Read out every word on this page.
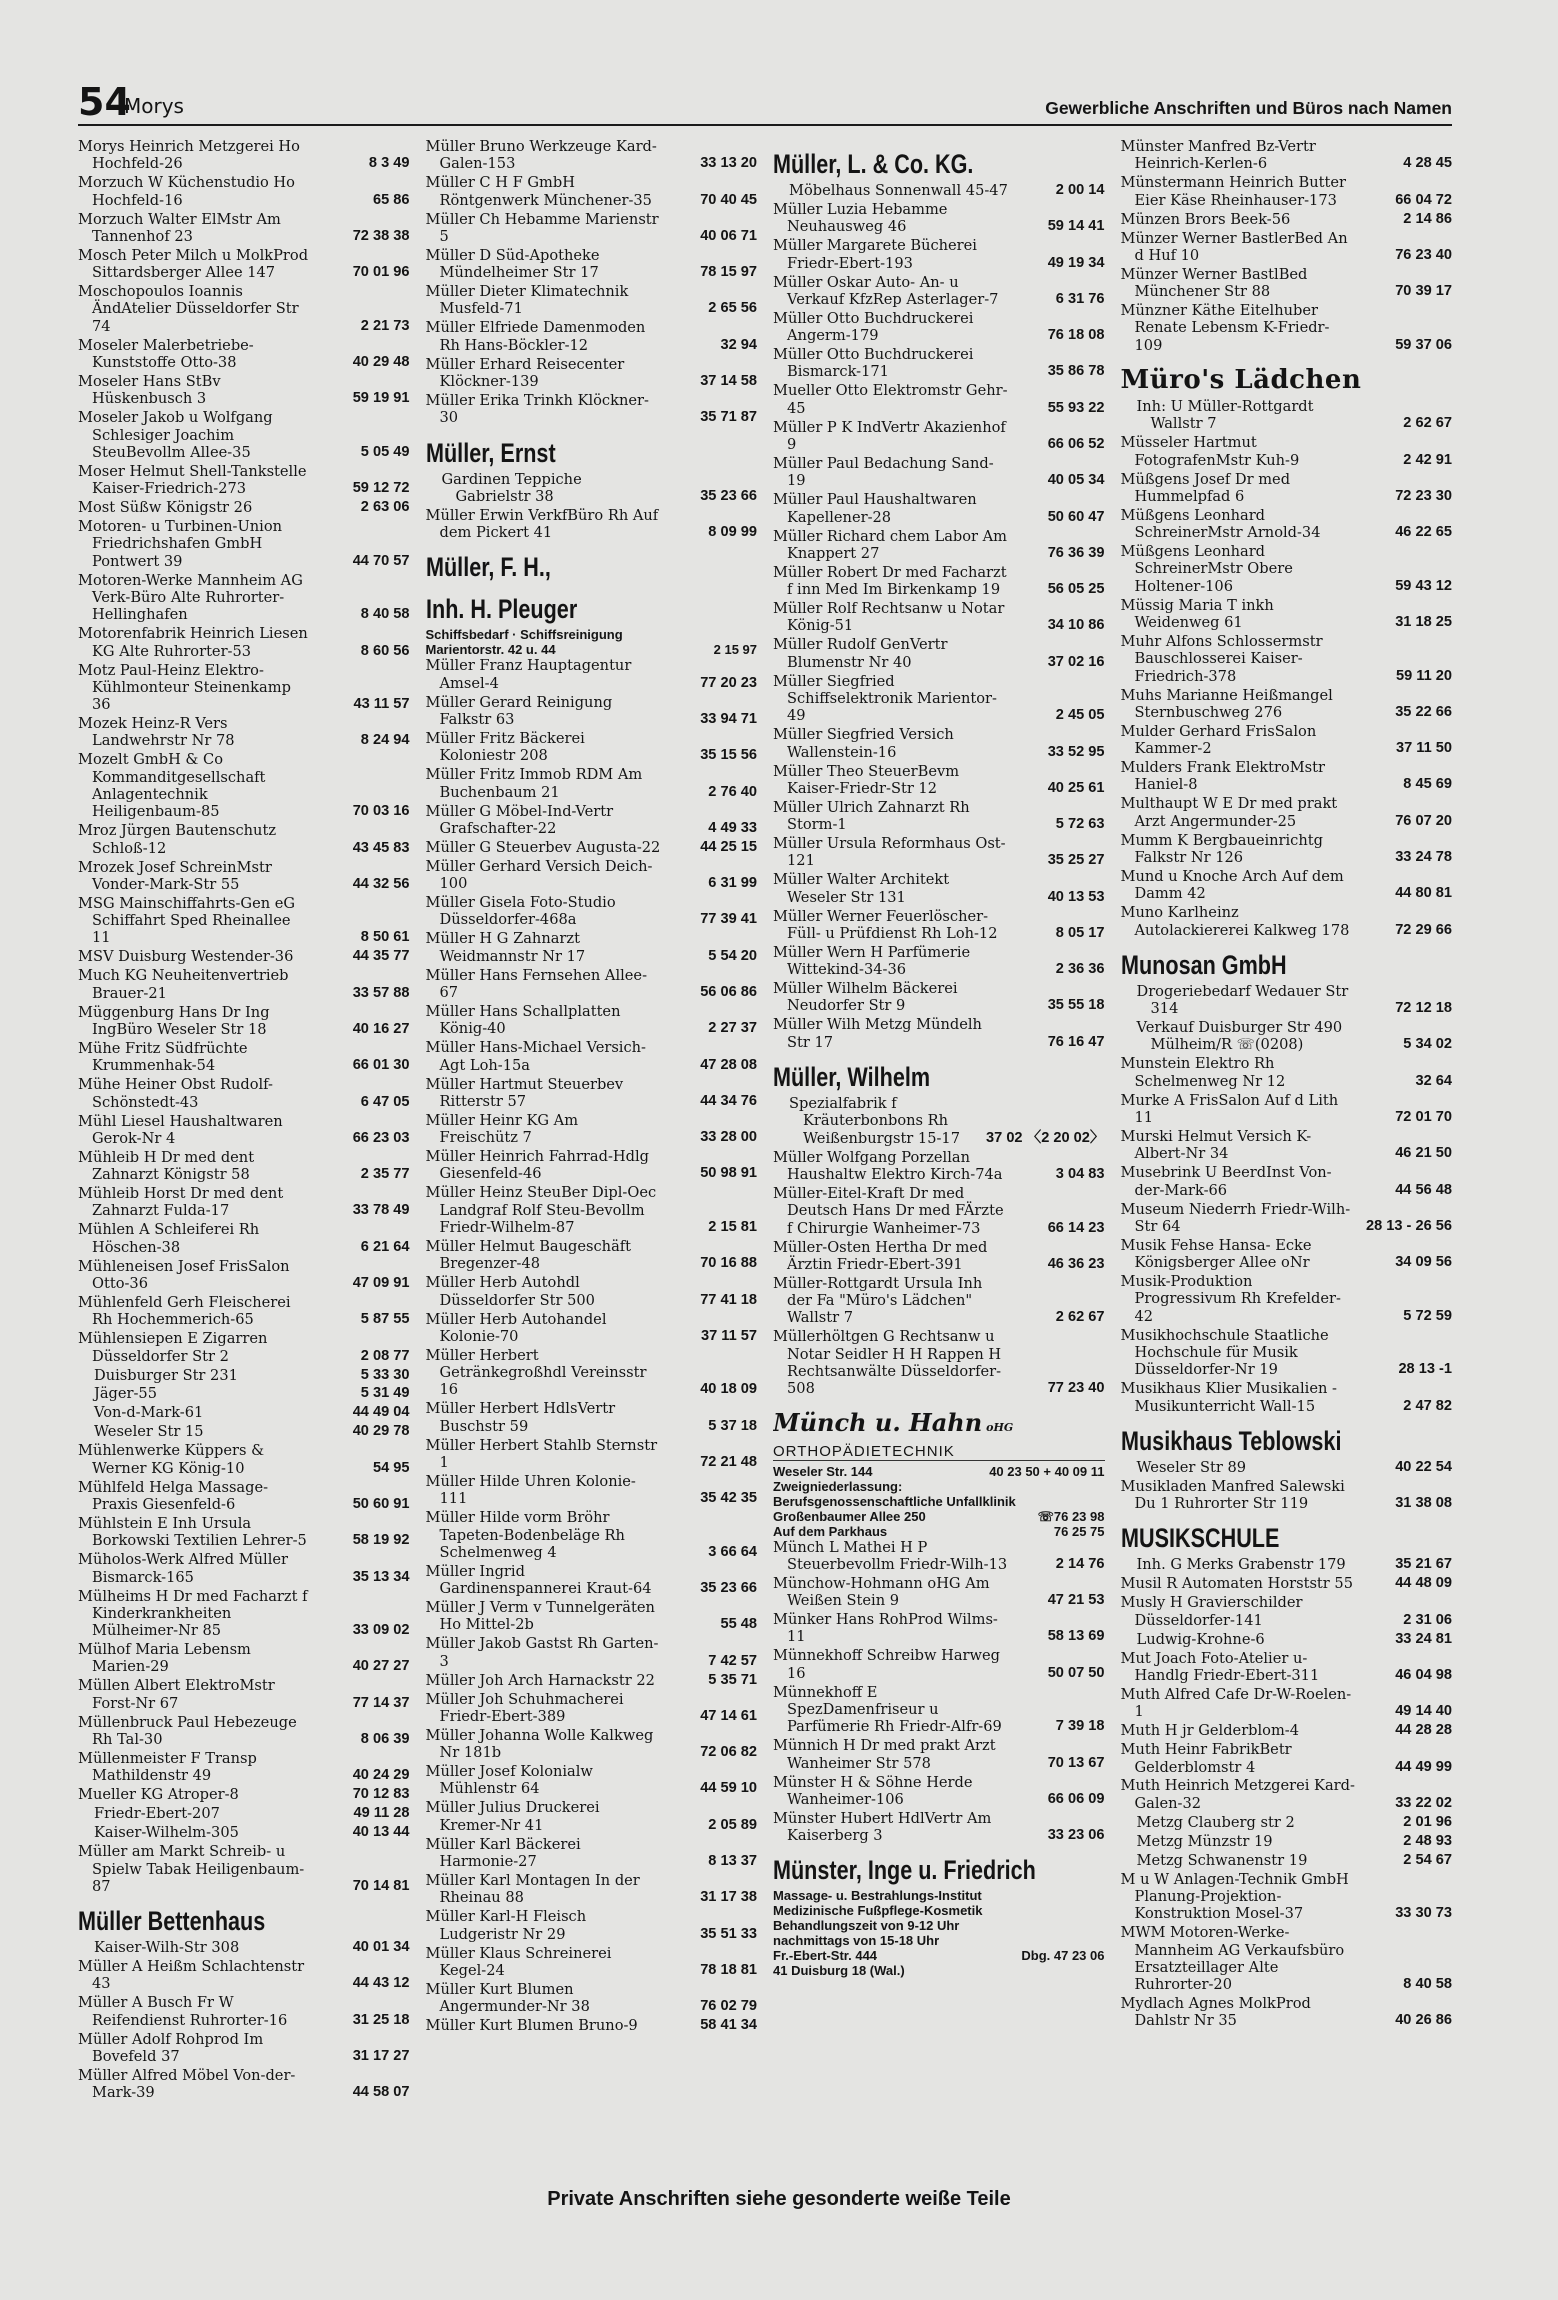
54
Morys	Gewerbliche Anschriften und Büros nach Namen
Morys Heinrich Metzgerei Ho Hochfeld-26	8 3 49
Morzuch W Küchenstudio Ho Hochfeld-16	65 86
Morzuch Walter ElMstr Am Tannenhof 23	72 38 38
Mosch Peter Milch u MolkProd Sittardsberger Allee 147	70 01 96
Moschopoulos Ioannis ÄndAtelier Düsseldorfer Str 74	2 21 73
Moseler Malerbetriebe-Kunststoffe Otto-38	40 29 48
Moseler Hans StBv Hüskenbusch 3	59 19 91
Moseler Jakob u Wolfgang Schlesiger Joachim SteuBevollm Allee-35	5 05 49
Moser Helmut Shell-Tankstelle Kaiser-Friedrich-273	59 12 72
Most Süßw Königstr 26	2 63 06
Motoren- u Turbinen-Union Friedrichshafen GmbH Pontwert 39	44 70 57
Motoren-Werke Mannheim AG Verk-Büro Alte Ruhrorter-Hellinghafen	8 40 58
Motorenfabrik Heinrich Liesen KG Alte Ruhrorter-53	8 60 56
Motz Paul-Heinz Elektro-Kühlmonteur Steinenkamp 36	43 11 57
Mozek Heinz-R Vers Landwehrstr Nr 78	8 24 94
Mozelt GmbH & Co Kommanditgesellschaft Anlagentechnik Heiligenbaum-85	70 03 16
Mroz Jürgen Bautenschutz Schloß-12	43 45 83
Mrozek Josef SchreinMstr Vonder-Mark-Str 55	44 32 56
MSG Mainschiffahrts-Gen eG Schiffahrt Sped Rheinallee 11	8 50 61
MSV Duisburg Westender-36	44 35 77
Much KG Neuheitenvertrieb Brauer-21	33 57 88
Müggenburg Hans Dr Ing IngBüro Weseler Str 18	40 16 27
Mühe Fritz Südfrüchte Krummenhak-54	66 01 30
Mühe Heiner Obst Rudolf-Schönstedt-43	6 47 05
Mühl Liesel Haushaltwaren Gerok-Nr 4	66 23 03
Mühleib H Dr med dent Zahnarzt Königstr 58	2 35 77
Mühleib Horst Dr med dent Zahnarzt Fulda-17	33 78 49
Mühlen A Schleiferei Rh Höschen-38	6 21 64
Mühleneisen Josef FrisSalon Otto-36	47 09 91
Mühlenfeld Gerh Fleischerei Rh Hochemmerich-65	5 87 55
Mühlensiepen E Zigarren Düsseldorfer Str 2	2 08 77
Duisburger Str 231	5 33 30
Jäger-55	5 31 49
Von-d-Mark-61	44 49 04
Weseler Str 15	40 29 78
Mühlenwerke Küppers & Werner KG König-10	54 95
Mühlfeld Helga Massage-Praxis Giesenfeld-6	50 60 91
Mühlstein E Inh Ursula Borkowski Textilien Lehrer-5	58 19 92
Müholos-Werk Alfred Müller Bismarck-165	35 13 34
Mülheims H Dr med Facharzt f Kinderkrankheiten Mülheimer-Nr 85	33 09 02
Mülhof Maria Lebensm Marien-29	40 27 27
Müllen Albert ElektroMstr Forst-Nr 67	77 14 37
Müllenbruck Paul Hebezeuge Rh Tal-30	8 06 39
Müllenmeister F Transp Mathildenstr 49	40 24 29
Mueller KG Atroper-8	70 12 83
Friedr-Ebert-207	49 11 28
Kaiser-Wilhelm-305	40 13 44
Müller am Markt Schreib- u Spielw Tabak Heiligenbaum-87	70 14 81
Müller Bettenhaus
Kaiser-Wilh-Str 308	40 01 34
Müller A Heißm Schlachtenstr 43	44 43 12
Müller A Busch Fr W Reifendienst Ruhrorter-16	31 25 18
Müller Adolf Rohprod Im Bovefeld 37	31 17 27
Müller Alfred Möbel Von-der-Mark-39	44 58 07
Müller Bruno Werkzeuge Kard-Galen-153	33 13 20
Müller C H F GmbH Röntgenwerk Münchener-35	70 40 45
Müller Ch Hebamme Marienstr 5	40 06 71
Müller D Süd-Apotheke Mündelheimer Str 17	78 15 97
Müller Dieter Klimatechnik Musfeld-71	2 65 56
Müller Elfriede Damenmoden Rh Hans-Böckler-12	32 94
Müller Erhard Reisecenter Klöckner-139	37 14 58
Müller Erika Trinkh Klöckner-30	35 71 87
Müller, Ernst
Gardinen Teppiche Gabrielstr 38	35 23 66
Müller Erwin VerkfBüro Rh Auf dem Pickert 41	8 09 99
Müller, F. H.,
Inh. H. Pleuger
Schiffsbedarf · Schiffsreinigung
Marientorstr. 42 u. 44	2 15 97
Müller Franz Hauptagentur Amsel-4	77 20 23
Müller Gerard Reinigung Falkstr 63	33 94 71
Müller Fritz Bäckerei Koloniestr 208	35 15 56
Müller Fritz Immob RDM Am Buchenbaum 21	2 76 40
Müller G Möbel-Ind-Vertr Grafschafter-22	4 49 33
Müller G Steuerbev Augusta-22	44 25 15
Müller Gerhard Versich Deich-100	6 31 99
Müller Gisela Foto-Studio Düsseldorfer-468a	77 39 41
Müller H G Zahnarzt Weidmannstr Nr 17	5 54 20
Müller Hans Fernsehen Allee-67	56 06 86
Müller Hans Schallplatten König-40	2 27 37
Müller Hans-Michael Versich-Agt Loh-15a	47 28 08
Müller Hartmut Steuerbev Ritterstr 57	44 34 76
Müller Heinr KG Am Freischütz 7	33 28 00
Müller Heinrich Fahrrad-Hdlg Giesenfeld-46	50 98 91
Müller Heinz SteuBer Dipl-Oec Landgraf Rolf Steu-Bevollm Friedr-Wilhelm-87	2 15 81
Müller Helmut Baugeschäft Bregenzer-48	70 16 88
Müller Herb Autohdl Düsseldorfer Str 500	77 41 18
Müller Herb Autohandel Kolonie-70	37 11 57
Müller Herbert Getränkegroßhdl Vereinsstr 16	40 18 09
Müller Herbert HdlsVertr Buschstr 59	5 37 18
Müller Herbert Stahlb Sternstr 1	72 21 48
Müller Hilde Uhren Kolonie-111	35 42 35
Müller Hilde vorm Bröhr Tapeten-Bodenbeläge Rh Schelmenweg 4	3 66 64
Müller Ingrid Gardinenspannerei Kraut-64	35 23 66
Müller J Verm v Tunnelgeräten Ho Mittel-2b	55 48
Müller Jakob Gastst Rh Garten-3	7 42 57
Müller Joh Arch Harnackstr 22	5 35 71
Müller Joh Schuhmacherei Friedr-Ebert-389	47 14 61
Müller Johanna Wolle Kalkweg Nr 181b	72 06 82
Müller Josef Kolonialw Mühlenstr 64	44 59 10
Müller Julius Druckerei Kremer-Nr 41	2 05 89
Müller Karl Bäckerei Harmonie-27	8 13 37
Müller Karl Montagen In der Rheinau 88	31 17 38
Müller Karl-H Fleisch Ludgeristr Nr 29	35 51 33
Müller Klaus Schreinerei Kegel-24	78 18 81
Müller Kurt Blumen Angermunder-Nr 38	76 02 79
Müller Kurt Blumen Bruno-9	58 41 34
Müller, L. & Co. KG.
Möbelhaus Sonnenwall 45-47	2 00 14
Müller Luzia Hebamme Neuhausweg 46	59 14 41
Müller Margarete Bücherei Friedr-Ebert-193	49 19 34
Müller Oskar Auto- An- u Verkauf KfzRep Asterlager-7	6 31 76
Müller Otto Buchdruckerei Angerm-179	76 18 08
Müller Otto Buchdruckerei Bismarck-171	35 86 78
Mueller Otto Elektromstr Gehr-45	55 93 22
Müller P K IndVertr Akazienhof 9	66 06 52
Müller Paul Bedachung Sand-19	40 05 34
Müller Paul Haushaltwaren Kapellener-28	50 60 47
Müller Richard chem Labor Am Knappert 27	76 36 39
Müller Robert Dr med Facharzt f inn Med Im Birkenkamp 19	56 05 25
Müller Rolf Rechtsanw u Notar König-51	34 10 86
Müller Rudolf GenVertr Blumenstr Nr 40	37 02 16
Müller Siegfried Schiffselektronik Marientor-49	2 45 05
Müller Siegfried Versich Wallenstein-16	33 52 95
Müller Theo SteuerBevm Kaiser-Friedr-Str 12	40 25 61
Müller Ulrich Zahnarzt Rh Storm-1	5 72 63
Müller Ursula Reformhaus Ost-121	35 25 27
Müller Walter Architekt Weseler Str 131	40 13 53
Müller Werner Feuerlöscher-Füll- u Prüfdienst Rh Loh-12	8 05 17
Müller Wern H Parfümerie Wittekind-34-36	2 36 36
Müller Wilhelm Bäckerei Neudorfer Str 9	35 55 18
Müller Wilh Metzg Mündelh Str 17	76 16 47
Müller, Wilhelm
Spezialfabrik f Kräuterbonbons Rh Weißenburgstr 15-17 37 02 〈2 20 02〉
Müller Wolfgang Porzellan Haushaltw Elektro Kirch-74a	3 04 83
Müller-Eitel-Kraft Dr med Deutsch Hans Dr med FÄrzte f Chirurgie Wanheimer-73	66 14 23
Müller-Osten Hertha Dr med Ärztin Friedr-Ebert-391	46 36 23
Müller-Rottgardt Ursula Inh der Fa "Müro's Lädchen" Wallstr 7	2 62 67
Müllerhöltgen G Rechtsanw u Notar Seidler H H Rappen H Rechtsanwälte Düsseldorfer-508	77 23 40
Münch u. Hahn oHG
ORTHOPÄDIETECHNIK
Weseler Str. 144	40 23 50 + 40 09 11
Zweigniederlassung:
Berufsgenossenschaftliche Unfallklinik
Großenbaumer Allee 250	☏76 23 98
Auf dem Parkhaus	76 25 75
Münch L Mathei H P Steuerbevollm Friedr-Wilh-13	2 14 76
Münchow-Hohmann oHG Am Weißen Stein 9	47 21 53
Münker Hans RohProd Wilms-11	58 13 69
Münnekhoff Schreibw Harweg 16	50 07 50
Münnekhoff E SpezDamenfriseur u Parfümerie Rh Friedr-Alfr-69	7 39 18
Münnich H Dr med prakt Arzt Wanheimer Str 578	70 13 67
Münster H & Söhne Herde Wanheimer-106	66 06 09
Münster Hubert HdlVertr Am Kaiserberg 3	33 23 06
Münster, Inge u. Friedrich
Massage- u. Bestrahlungs-Institut
Medizinische Fußpflege-Kosmetik
Behandlungszeit von 9-12 Uhr
nachmittags von 15-18 Uhr
Fr.-Ebert-Str. 444	Dbg. 47 23 06
41 Duisburg 18 (Wal.)
Münster Manfred Bz-Vertr Heinrich-Kerlen-6	4 28 45
Münstermann Heinrich Butter Eier Käse Rheinhauser-173	66 04 72
Münzen Brors Beek-56	2 14 86
Münzer Werner BastlerBed An d Huf 10	76 23 40
Münzer Werner BastlBed Münchener Str 88	70 39 17
Münzner Käthe Eitelhuber Renate Lebensm K-Friedr-109	59 37 06
Müro's Lädchen
Inh: U Müller-Rottgardt Wallstr 7	2 62 67
Müsseler Hartmut FotografenMstr Kuh-9	2 42 91
Müßgens Josef Dr med Hummelpfad 6	72 23 30
Müßgens Leonhard SchreinerMstr Arnold-34	46 22 65
Müßgens Leonhard SchreinerMstr Obere Holtener-106	59 43 12
Müssig Maria T inkh Weidenweg 61	31 18 25
Muhr Alfons Schlossermstr Bauschlosserei Kaiser-Friedrich-378	59 11 20
Muhs Marianne Heißmangel Sternbuschweg 276	35 22 66
Mulder Gerhard FrisSalon Kammer-2	37 11 50
Mulders Frank ElektroMstr Haniel-8	8 45 69
Multhaupt W E Dr med prakt Arzt Angermunder-25	76 07 20
Mumm K Bergbaueinrichtg Falkstr Nr 126	33 24 78
Mund u Knoche Arch Auf dem Damm 42	44 80 81
Muno Karlheinz Autolackiererei Kalkweg 178	72 29 66
Munosan GmbH
Drogeriebedarf Wedauer Str 314	72 12 18
Verkauf Duisburger Str 490 Mülheim/R ☏(0208)	5 34 02
Munstein Elektro Rh Schelmenweg Nr 12	32 64
Murke A FrisSalon Auf d Lith 11	72 01 70
Murski Helmut Versich K-Albert-Nr 34	46 21 50
Musebrink U BeerdInst Von-der-Mark-66	44 56 48
Museum Niederrh Friedr-Wilh-Str 64	28 13 - 26 56
Musik Fehse Hansa- Ecke Königsberger Allee oNr	34 09 56
Musik-Produktion Progressivum Rh Krefelder-42	5 72 59
Musikhochschule Staatliche Hochschule für Musik Düsseldorfer-Nr 19	28 13 -1
Musikhaus Klier Musikalien - Musikunterricht Wall-15	2 47 82
Musikhaus Teblowski
Weseler Str 89	40 22 54
Musikladen Manfred Salewski Du 1 Ruhrorter Str 119	31 38 08
MUSIKSCHULE
Inh. G Merks Grabenstr 179	35 21 67
Musil R Automaten Horststr 55	44 48 09
Musly H Gravierschilder Düsseldorfer-141	2 31 06
Ludwig-Krohne-6	33 24 81
Mut Joach Foto-Atelier u-Handlg Friedr-Ebert-311	46 04 98
Muth Alfred Cafe Dr-W-Roelen-1	49 14 40
Muth H jr Gelderblom-4	44 28 28
Muth Heinr FabrikBetr Gelderblomstr 4	44 49 99
Muth Heinrich Metzgerei Kard-Galen-32	33 22 02
Metzg Clauberg str 2	2 01 96
Metzg Münzstr 19	2 48 93
Metzg Schwanenstr 19	2 54 67
M u W Anlagen-Technik GmbH Planung-Projektion-Konstruktion Mosel-37	33 30 73
MWM Motoren-Werke-Mannheim AG Verkaufsbüro Ersatzteillager Alte Ruhrorter-20	8 40 58
Mydlach Agnes MolkProd Dahlstr Nr 35	40 26 86
Private Anschriften siehe gesonderte weiße Teile
